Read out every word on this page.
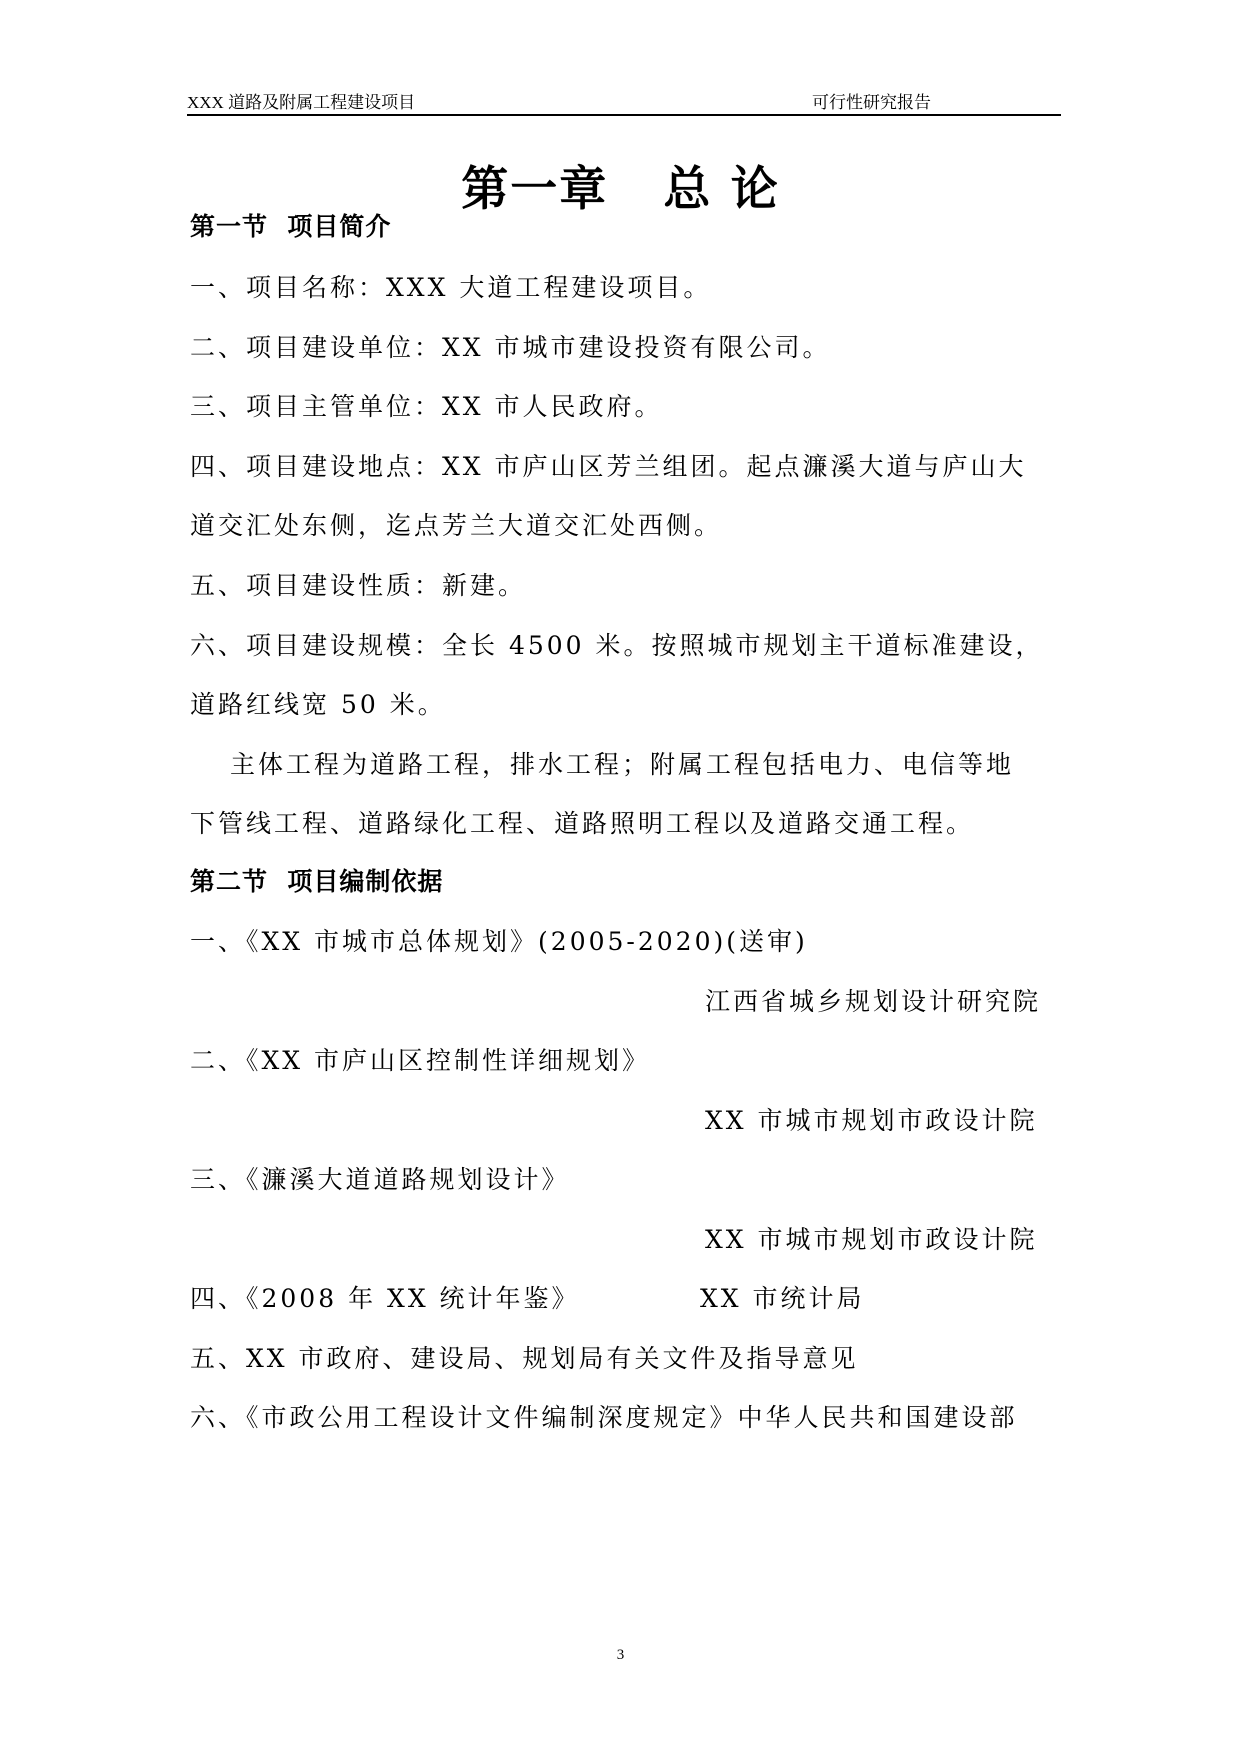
XXX 道路及附属工程建设项目	可行性研究报告
第一章   总 论
第一节  项目简介
一、项目名称：XXX 大道工程建设项目。
二、项目建设单位：XX 市城市建设投资有限公司。
三、项目主管单位：XX 市人民政府。
四、项目建设地点：XX 市庐山区芳兰组团。起点濂溪大道与庐山大
道交汇处东侧，迄点芳兰大道交汇处西侧。
五、项目建设性质：新建。
六、项目建设规模：全长 4500 米。按照城市规划主干道标准建设，
道路红线宽 50 米。
主体工程为道路工程，排水工程；附属工程包括电力、电信等地
下管线工程、道路绿化工程、道路照明工程以及道路交通工程。
第二节  项目编制依据
一、《XX 市城市总体规划》(2005-2020)(送审)
江西省城乡规划设计研究院
二、《XX 市庐山区控制性详细规划》
XX 市城市规划市政设计院
三、《濂溪大道道路规划设计》
XX 市城市规划市政设计院
四、《2008 年 XX 统计年鉴》	XX 市统计局
五、XX 市政府、建设局、规划局有关文件及指导意见
六、《市政公用工程设计文件编制深度规定》中华人民共和国建设部
3
